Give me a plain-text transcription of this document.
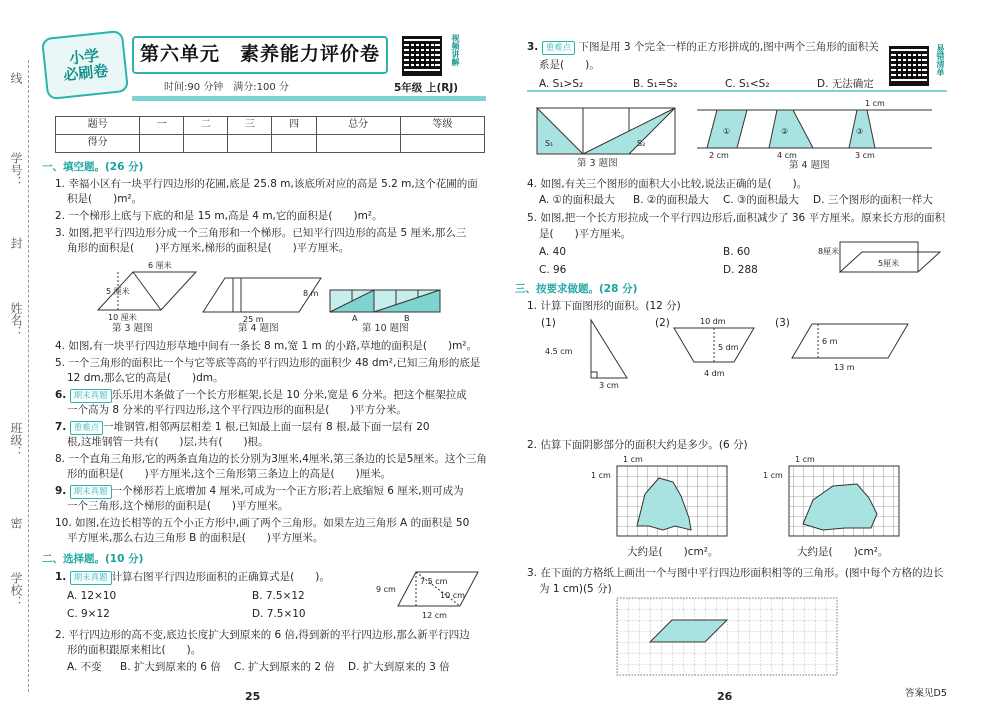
线
学号：
封
姓名：
班级：
密
学校：
小学
必刷卷
第六单元　素养能力评价卷	视频讲解
时间:90 分钟　满分:100 分	5年级 上(RJ)
题号	一	二	三	四	总分	等级
得分						
一、填空题。(26 分)
1. 幸福小区有一块平行四边形的花圃,底是 25.8 m,该底所对应的高是 5.2 m,这个花圃的面
积是(　　)m²。
2. 一个梯形上底与下底的和是 15 m,高是 4 m,它的面积是(　　)m²。
3. 如图,把平行四边形分成一个三角形和一个梯形。已知平行四边形的高是 5 厘米,那么三
角形的面积是(　　)平方厘米,梯形的面积是(　　)平方厘米。
6 厘米
5 厘米
10 厘米	25 m
8 m
A	B
第 3 题图	第 4 题图	第 10 题图
4. 如图,有一块平行四边形草地中间有一条长 8 m,宽 1 m 的小路,草地的面积是(　　)m²。
5. 一个三角形的面积比一个与它等底等高的平行四边形的面积少 48 dm²,已知三角形的底是
12 dm,那么它的高是(　　)dm。
6. 期末真题 乐乐用木条做了一个长方形框架,长是 10 分米,宽是 6 分米。把这个框架拉成
一个高为 8 分米的平行四边形,这个平行四边形的面积是(　　)平方分米。
7. 重难点 一堆钢管,相邻两层相差 1 根,已知最上面一层有 8 根,最下面一层有 20
根,这堆钢管一共有(　　)层,共有(　　)根。
8. 一个直角三角形,它的两条直角边的长分别为3厘米,4厘米,第三条边的长是5厘米。这个三角
形的面积是(　　)平方厘米,这个三角形第三条边上的高是(　　)厘米。
9. 期末真题 一个梯形若上底增加 4 厘米,可成为一个正方形;若上底缩短 6 厘米,则可成为
一个三角形,这个梯形的面积是(　　)平方厘米。
10. 如图,在边长相等的五个小正方形中,画了两个三角形。如果左边三角形 A 的面积是 50
平方厘米,那么右边三角形 B 的面积是(　　)平方厘米。
二、选择题。(10 分)
1. 期末真题 计算右图平行四边形面积的正确算式是(　　)。
A. 12×10	B. 7.5×12
C. 9×12	D. 7.5×10
7.5 cm
9 cm
10 cm
12 cm
2. 平行四边形的高不变,底边长度扩大到原来的 6 倍,得到新的平行四边形,那么新平行四边
形的面积跟原来相比(　　)。
A. 不变 B. 扩大到原来的 6 倍 C. 扩大到原来的 2 倍 D. 扩大到原来的 3 倍
25
3. 重难点 下图是用 3 个完全一样的正方形拼成的,图中两个三角形的面积关
系是(　　)。
A. S₁>S₂	B. S₁=S₂	C. S₁<S₂	D. 无法确定
易错清单
S₁	S₂
①	②	③
1 cm
2 cm	4 cm	3 cm
第 3 题图	第 4 题图
4. 如图,有关三个图形的面积大小比较,说法正确的是(　　)。
A. ①的面积最大 B. ②的面积最大 C. ③的面积最大 D. 三个图形的面积一样大
5. 如图,把一个长方形拉成一个平行四边形后,面积减少了 36 平方厘米。原来长方形的面积
是(　　)平方厘米。
A. 40	B. 60
C. 96	D. 288
8厘米
5厘米
三、按要求做题。(28 分)
1. 计算下面图形的面积。(12 分)
(1)	(2)	(3)
4.5 cm
3 cm
10 dm
5 dm
4 dm
6 m
13 m
2. 估算下面阴影部分的面积大约是多少。(6 分)
1 cm
1 cm
1 cm
1 cm
大约是(　　)cm²。	大约是(　　)cm²。
3. 在下面的方格纸上画出一个与图中平行四边形面积相等的三角形。(图中每个方格的边长
为 1 cm)(5 分)
26	答案见D5
